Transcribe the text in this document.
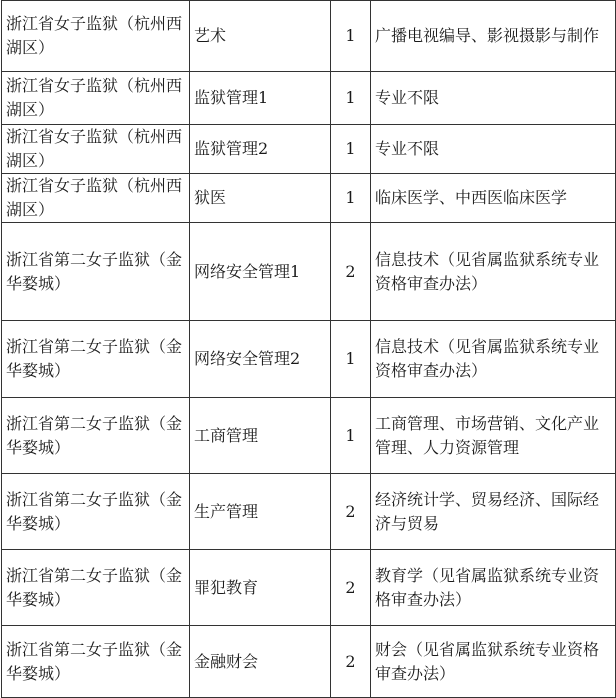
浙江省女子监狱（杭州西湖区）	艺术	1	广播电视编导、影视摄影与制作
浙江省女子监狱（杭州西湖区）	监狱管理1	1	专业不限
浙江省女子监狱（杭州西湖区）	监狱管理2	1	专业不限
浙江省女子监狱（杭州西湖区）	狱医	1	临床医学、中西医临床医学
浙江省第二女子监狱（金华婺城）	网络安全管理1	2	信息技术（见省属监狱系统专业资格审查办法）
浙江省第二女子监狱（金华婺城）	网络安全管理2	1	信息技术（见省属监狱系统专业资格审查办法）
浙江省第二女子监狱（金华婺城）	工商管理	1	工商管理、市场营销、文化产业管理、人力资源管理
浙江省第二女子监狱（金华婺城）	生产管理	2	经济统计学、贸易经济、国际经济与贸易
浙江省第二女子监狱（金华婺城）	罪犯教育	2	教育学（见省属监狱系统专业资格审查办法）
浙江省第二女子监狱（金华婺城）	金融财会	2	财会（见省属监狱系统专业资格审查办法）
